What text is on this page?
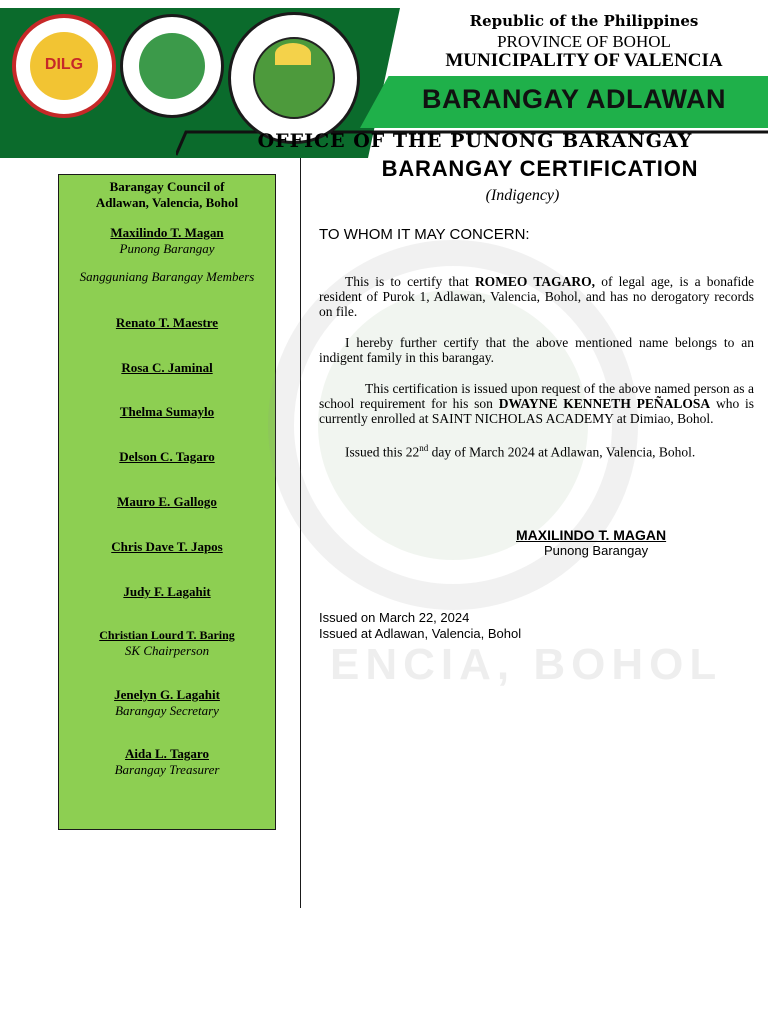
DILG
Republic of the Philippines
PROVINCE OF BOHOL
MUNICIPALITY OF VALENCIA
BARANGAY ADLAWAN
OFFICE OF THE PUNONG BARANGAY
Barangay Council of
Adlawan, Valencia, Bohol
Maxilindo T. Magan
Punong Barangay
Sangguniang Barangay Members
Renato T. Maestre
Rosa C. Jaminal
Thelma Sumaylo
Delson C. Tagaro
Mauro E. Gallogo
Chris Dave T. Japos
Judy F. Lagahit
Christian Lourd T. Baring
SK Chairperson
Jenelyn G. Lagahit
Barangay Secretary
Aida L. Tagaro
Barangay Treasurer
ENCIA, BOHOL
BARANGAY CERTIFICATION
(Indigency)
TO WHOM IT MAY CONCERN:
This is to certify that ROMEO TAGARO, of legal age, is a bonafide resident of Purok 1, Adlawan, Valencia, Bohol, and has no derogatory records on file.
I hereby further certify that the above mentioned name belongs to an indigent family in this barangay.
This certification is issued upon request of the above named person as a school requirement for his son DWAYNE KENNETH PEÑALOSA who is currently enrolled at SAINT NICHOLAS ACADEMY at Dimiao, Bohol.
Issued this 22nd day of March 2024 at Adlawan, Valencia, Bohol.
MAXILINDO T. MAGAN
Punong Barangay
Issued on March 22, 2024
Issued at Adlawan, Valencia, Bohol
